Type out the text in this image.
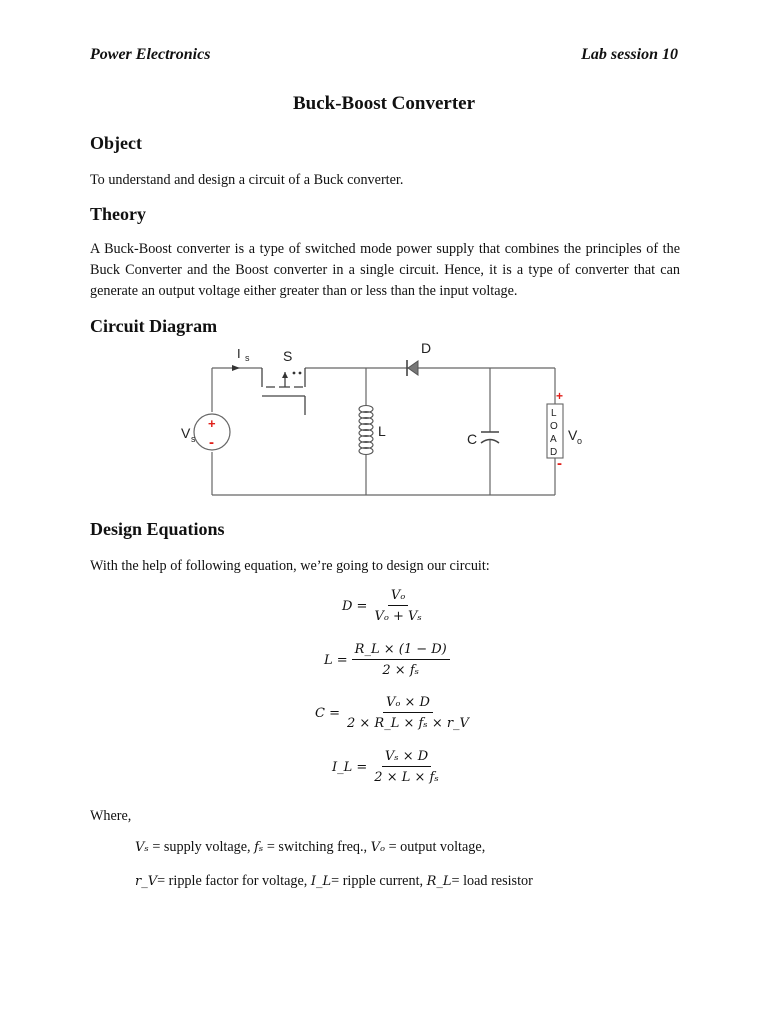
Power Electronics	Lab session 10
Buck-Boost Converter
Object
To understand and design a circuit of a Buck converter.
Theory
A Buck-Boost converter is a type of switched mode power supply that combines the principles of the Buck Converter and the Boost converter in a single circuit. Hence, it is a type of converter that can generate an output voltage either greater than or less than the input voltage.
Circuit Diagram
I s S	D
L	C
V s	V o
+
-
+
-
L
O
A
D
Design Equations
With the help of following equation, we’re going to design our circuit:
$D = \frac{\text{Vₒ}}{\text{Vₒ + Vₛ}}$
$L = \frac{R\_L \times (1 - D)}{\text{2 × fₛ}}$
$C = \frac{\text{Vₒ × D}}{\text{2 × R\_L × fₛ × r\_V}}$
I_L = $\frac{\text{Vₛ × D}}{\text{2 × L × fₛ}}$
Where,
Vₛ = supply voltage, fₛ = switching freq., Vₒ = output voltage,
r_V= ripple factor for voltage, I_L= ripple current, R_L= load resistor
